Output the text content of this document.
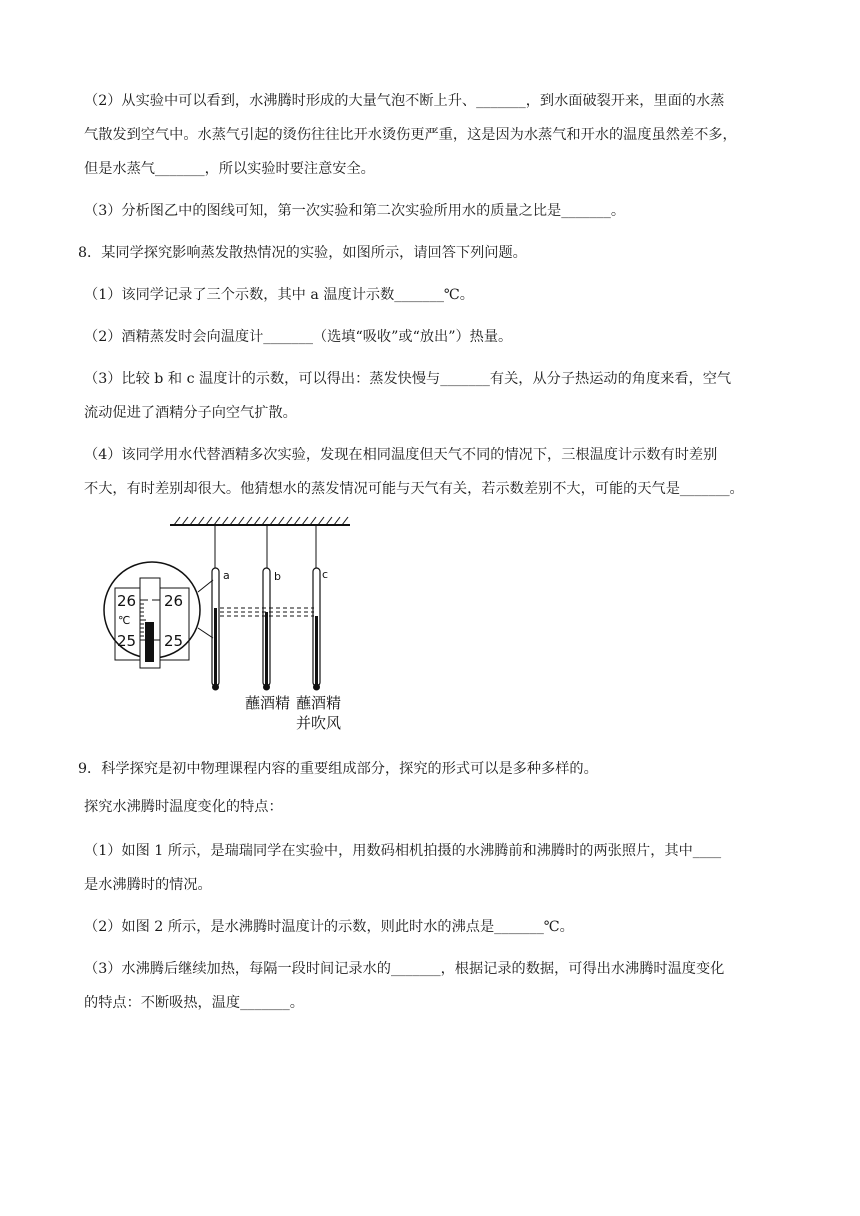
（2）从实验中可以看到，水沸腾时形成的大量气泡不断上升、_______，到水面破裂开来，里面的水蒸

气散发到空气中。水蒸气引起的烫伤往往比开水烫伤更严重，这是因为水蒸气和开水的温度虽然差不多，

但是水蒸气_______，所以实验时要注意安全。

（3）分析图乙中的图线可知，第一次实验和第二次实验所用水的质量之比是_______。

8．某同学探究影响蒸发散热情况的实验，如图所示，请回答下列问题。

（1）该同学记录了三个示数，其中 a 温度计示数_______℃。

（2）酒精蒸发时会向温度计_______（选填“吸收”或“放出”）热量。

（3）比较 b 和 c 温度计的示数，可以得出：蒸发快慢与_______有关，从分子热运动的角度来看，空气

流动促进了酒精分子向空气扩散。

（4）该同学用水代替酒精多次实验，发现在相同温度但天气不同的情况下，三根温度计示数有时差别

不大，有时差别却很大。他猜想水的蒸发情况可能与天气有关，若示数差别不大，可能的天气是_______。

a	b	c
26 26
℃
25 25
蘸酒精 蘸酒精
并吹风

9．科学探究是初中物理课程内容的重要组成部分，探究的形式可以是多种多样的。

探究水沸腾时温度变化的特点：

（1）如图 1 所示，是瑞瑞同学在实验中，用数码相机拍摄的水沸腾前和沸腾时的两张照片，其中____

是水沸腾时的情况。

（2）如图 2 所示，是水沸腾时温度计的示数，则此时水的沸点是_______℃。

（3）水沸腾后继续加热，每隔一段时间记录水的_______，根据记录的数据，可得出水沸腾时温度变化

的特点：不断吸热，温度_______。
